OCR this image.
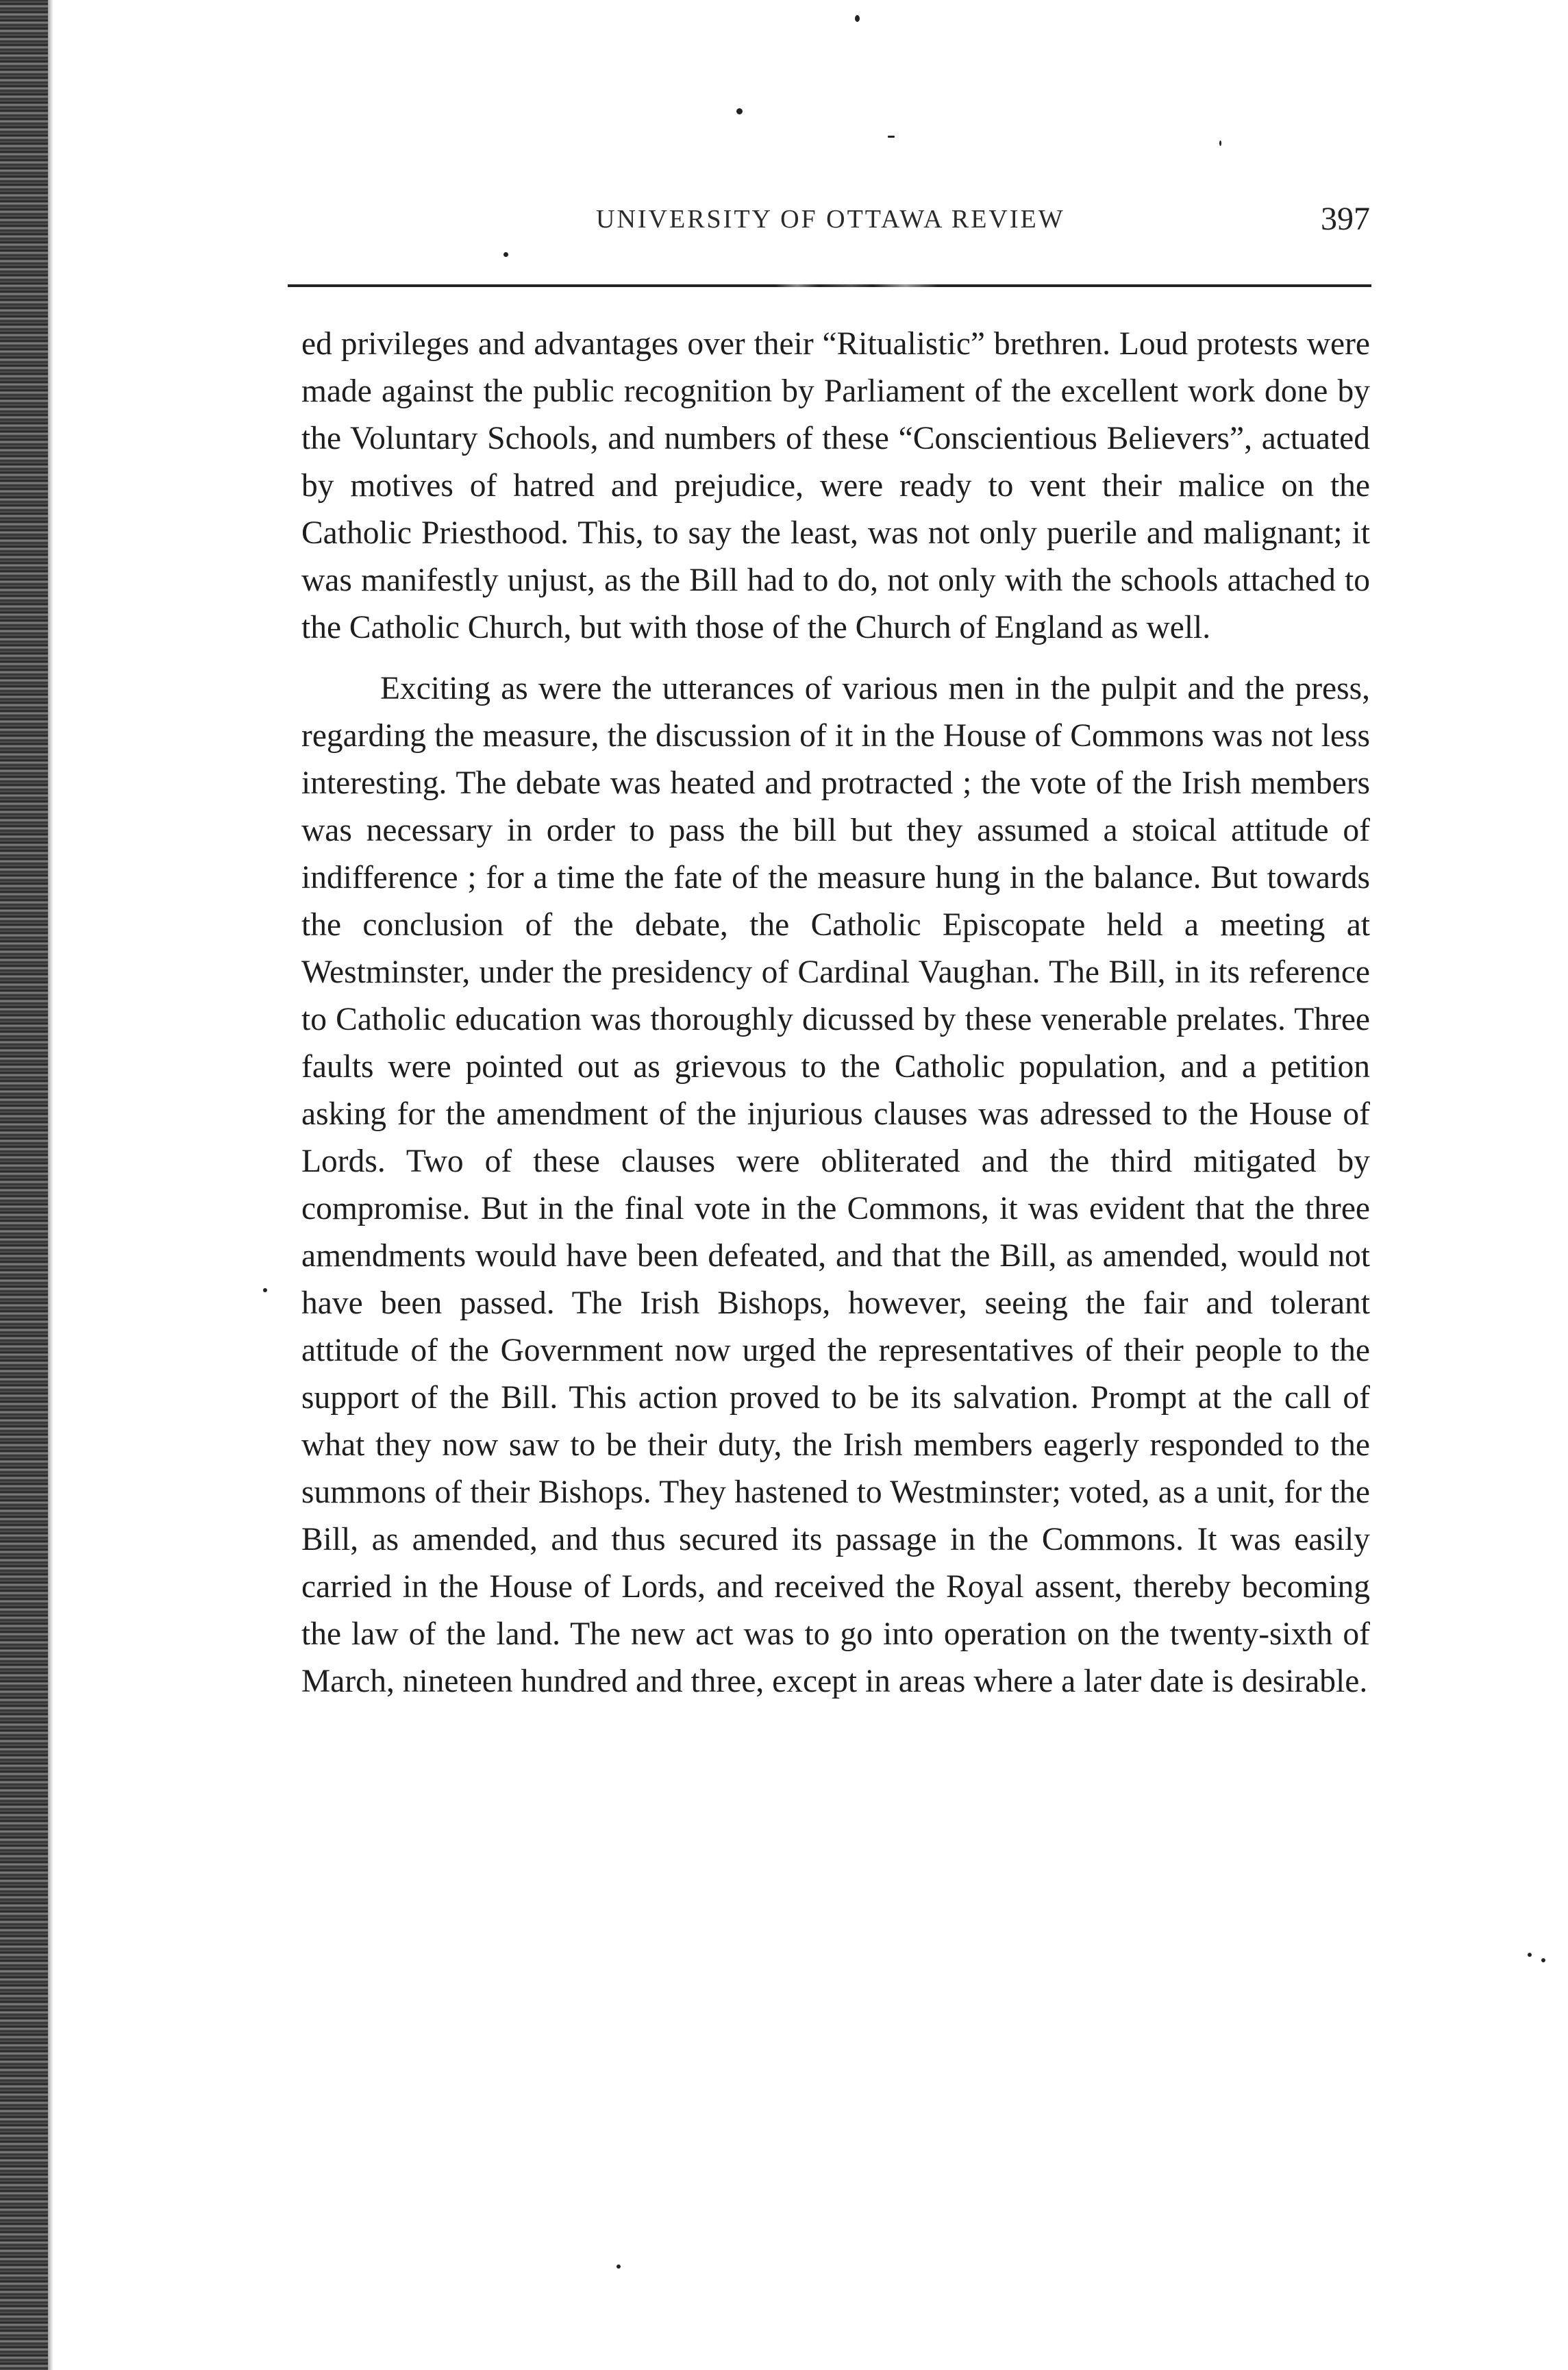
UNIVERSITY OF OTTAWA REVIEW	397

ed privileges and advantages over their “Ritualistic” brethren. Loud protests were made against the public recognition by Parliament of the excellent work done by the Voluntary Schools, and numbers of these “Conscientious Believers”, actuated by motives of hatred and prejudice, were ready to vent their malice on the Catholic Priesthood. This, to say the least, was not only puerile and malignant; it was manifestly unjust, as the Bill had to do, not only with the schools attached to the Catholic Church, but with those of the Church of England as well.

Exciting as were the utterances of various men in the pulpit and the press, regarding the measure, the discussion of it in the House of Commons was not less interesting. The debate was heated and protracted ; the vote of the Irish members was necessary in order to pass the bill but they assumed a stoical attitude of indifference ; for a time the fate of the measure hung in the balance. But towards the conclusion of the debate, the Catholic Episcopate held a meeting at Westminster, under the presidency of Cardinal Vaughan. The Bill, in its reference to Catholic education was thoroughly dicussed by these venerable prelates. Three faults were pointed out as grievous to the Catholic population, and a petition asking for the amendment of the injurious clauses was adressed to the House of Lords. Two of these clauses were obliterated and the third mitigated by compromise. But in the final vote in the Commons, it was evident that the three amendments would have been defeated, and that the Bill, as amended, would not have been passed. The Irish Bishops, however, seeing the fair and tolerant attitude of the Government now urged the representatives of their people to the support of the Bill. This action proved to be its salvation. Prompt at the call of what they now saw to be their duty, the Irish members eagerly responded to the summons of their Bishops. They hastened to Westminster; voted, as a unit, for the Bill, as amended, and thus secured its passage in the Commons. It was easily carried in the House of Lords, and received the Royal assent, thereby becoming the law of the land. The new act was to go into operation on the twenty-sixth of March, nineteen hundred and three, except in areas where a later date is desirable.
